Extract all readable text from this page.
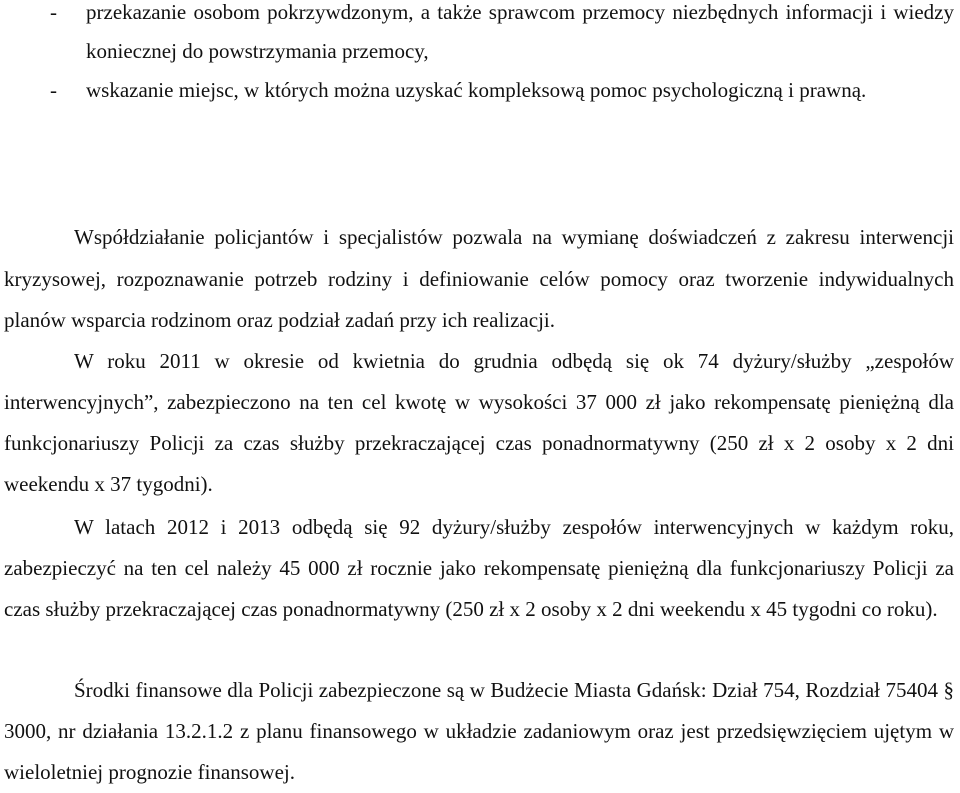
- przekazanie osobom pokrzywdzonym, a także sprawcom przemocy niezbędnych informacji i wiedzy koniecznej do powstrzymania przemocy,
- wskazanie miejsc, w których można uzyskać kompleksową pomoc psychologiczną i prawną.

Współdziałanie policjantów i specjalistów pozwala na wymianę doświadczeń z zakresu interwencji kryzysowej, rozpoznawanie potrzeb rodziny i definiowanie celów pomocy oraz tworzenie indywidualnych planów wsparcia rodzinom oraz podział zadań przy ich realizacji.

W roku 2011 w okresie od kwietnia do grudnia odbędą się ok 74 dyżury/służby „zespołów interwencyjnych”, zabezpieczono na ten cel kwotę w wysokości 37 000 zł jako rekompensatę pieniężną dla funkcjonariuszy Policji za czas służby przekraczającej czas ponadnormatywny (250 zł x 2 osoby x 2 dni weekendu x 37 tygodni).

W latach 2012 i 2013 odbędą się 92 dyżury/służby zespołów interwencyjnych w każdym roku, zabezpieczyć na ten cel należy 45 000 zł rocznie jako rekompensatę pieniężną dla funkcjonariuszy Policji za czas służby przekraczającej czas ponadnormatywny (250 zł x 2 osoby x 2 dni weekendu x 45 tygodni co roku).

Środki finansowe dla Policji zabezpieczone są w Budżecie Miasta Gdańsk: Dział 754, Rozdział 75404 § 3000, nr działania 13.2.1.2 z planu finansowego w układzie zadaniowym oraz jest przedsięwzięciem ujętym w wieloletniej prognozie finansowej.
